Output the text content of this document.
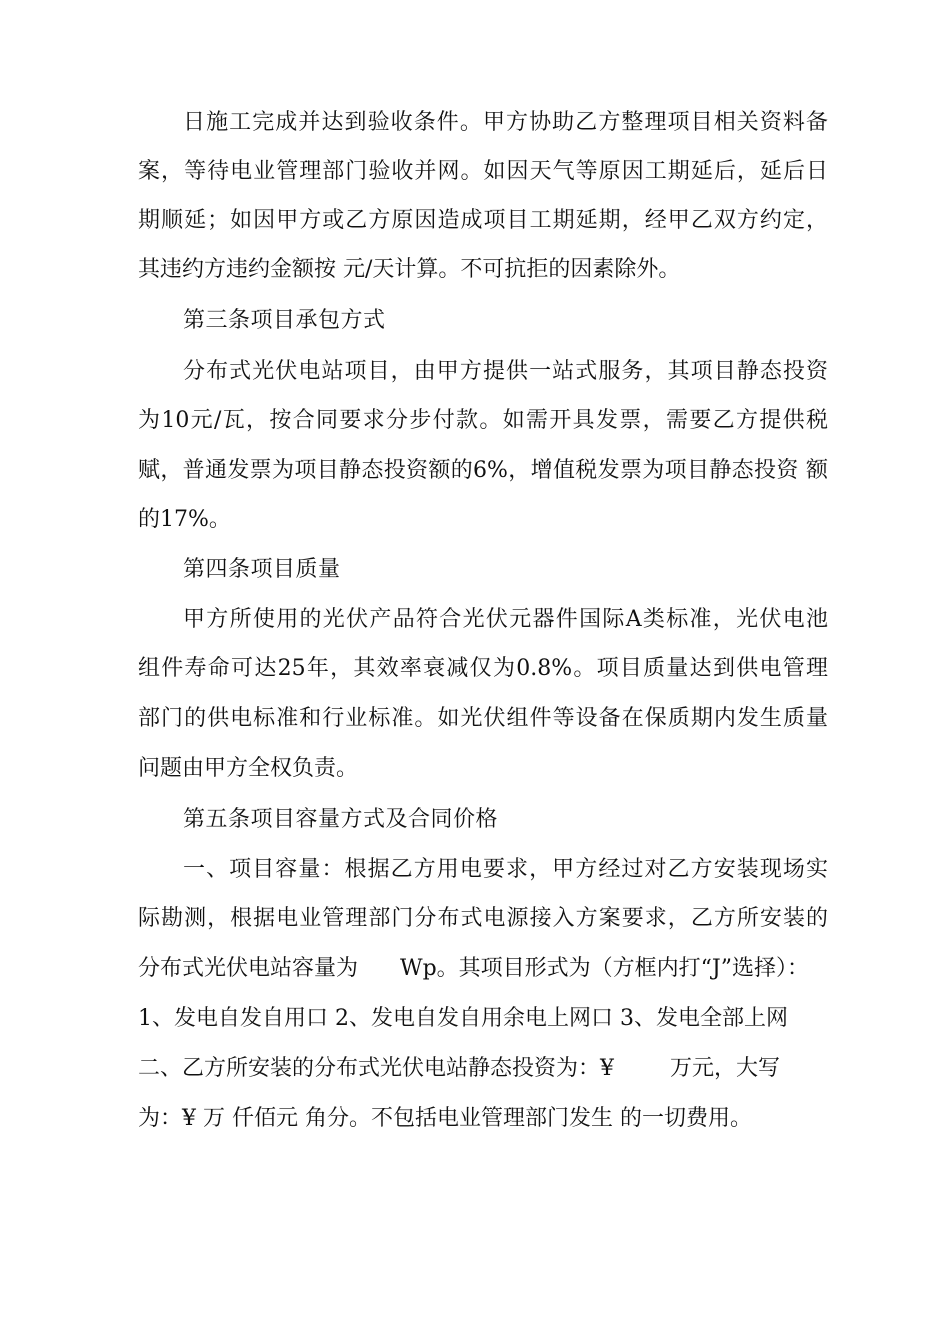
日施工完成并达到验收条件。甲方协助乙方整理项目相关资料备
案，等待电业管理部门验收并网。如因天气等原因工期延后，延后日
期顺延；如因甲方或乙方原因造成项目工期延期，经甲乙双方约定，
其违约方违约金额按 元/天计算。不可抗拒的因素除外。
第三条项目承包方式
分布式光伏电站项目，由甲方提供一站式服务，其项目静态投资
为10元/瓦，按合同要求分步付款。如需开具发票，需要乙方提供税
赋，普通发票为项目静态投资额的6%，增值税发票为项目静态投资 额
的17%。
第四条项目质量
甲方所使用的光伏产品符合光伏元器件国际A类标准，光伏电池
组件寿命可达25年，其效率衰减仅为0.8%。项目质量达到供电管理
部门的供电标准和行业标准。如光伏组件等设备在保质期内发生质量
问题由甲方全权负责。
第五条项目容量方式及合同价格
一、项目容量：根据乙方用电要求，甲方经过对乙方安装现场实
际勘测，根据电业管理部门分布式电源接入方案要求，乙方所安装的
分布式光伏电站容量为      Wp。其项目形式为（方框内打“J”选择）：
1、发电自发自用口 2、发电自发自用余电上网口 3、发电全部上网
二、乙方所安装的分布式光伏电站静态投资为：¥        万元，大写
为：¥ 万 仟佰元 角分。不包括电业管理部门发生 的一切费用。
